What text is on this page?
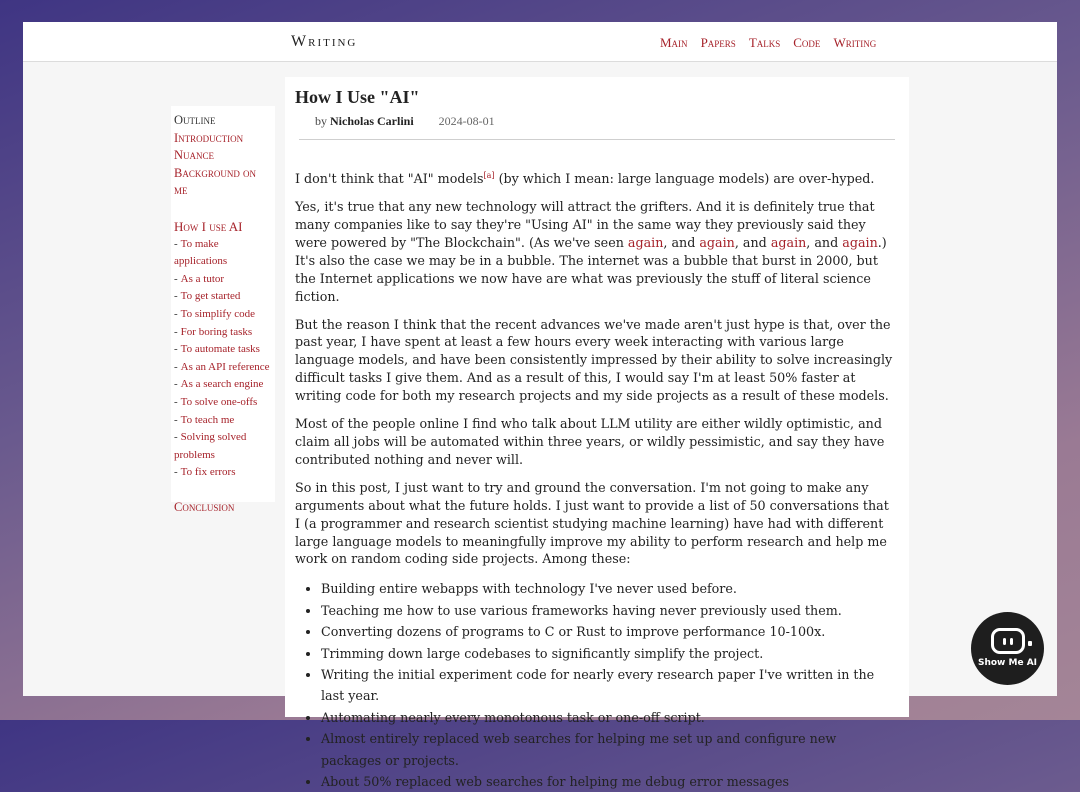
Writing	Main Papers Talks Code Writing
Outline
Introduction
Nuance
Background on me
How I use AI
- To make applications
- As a tutor
- To get started
- To simplify code
- For boring tasks
- To automate tasks
- As an API reference
- As a search engine
- To solve one-offs
- To teach me
- Solving solved problems
- To fix errors
Conclusion
How I Use "AI"
by Nicholas Carlini 2024-08-01

I don't think that "AI" models[a] (by which I mean: large language models) are over-hyped.

Yes, it's true that any new technology will attract the grifters. And it is definitely true that many companies like to say they're "Using AI" in the same way they previously said they were powered by "The Blockchain". (As we've seen again, and again, and again, and again.) It's also the case we may be in a bubble. The internet was a bubble that burst in 2000, but the Internet applications we now have are what was previously the stuff of literal science fiction.

But the reason I think that the recent advances we've made aren't just hype is that, over the past year, I have spent at least a few hours every week interacting with various large language models, and have been consistently impressed by their ability to solve increasingly difficult tasks I give them. And as a result of this, I would say I'm at least 50% faster at writing code for both my research projects and my side projects as a result of these models.

Most of the people online I find who talk about LLM utility are either wildly optimistic, and claim all jobs will be automated within three years, or wildly pessimistic, and say they have contributed nothing and never will.

So in this post, I just want to try and ground the conversation. I'm not going to make any arguments about what the future holds. I just want to provide a list of 50 conversations that I (a programmer and research scientist studying machine learning) have had with different large language models to meaningfully improve my ability to perform research and help me work on random coding side projects. Among these:

• Building entire webapps with technology I've never used before.
• Teaching me how to use various frameworks having never previously used them.
• Converting dozens of programs to C or Rust to improve performance 10-100x.
• Trimming down large codebases to significantly simplify the project.
• Writing the initial experiment code for nearly every research paper I've written in the last year.
• Automating nearly every monotonous task or one-off script.
• Almost entirely replaced web searches for helping me set up and configure new packages or projects.
• About 50% replaced web searches for helping me debug error messages
Show Me AI
